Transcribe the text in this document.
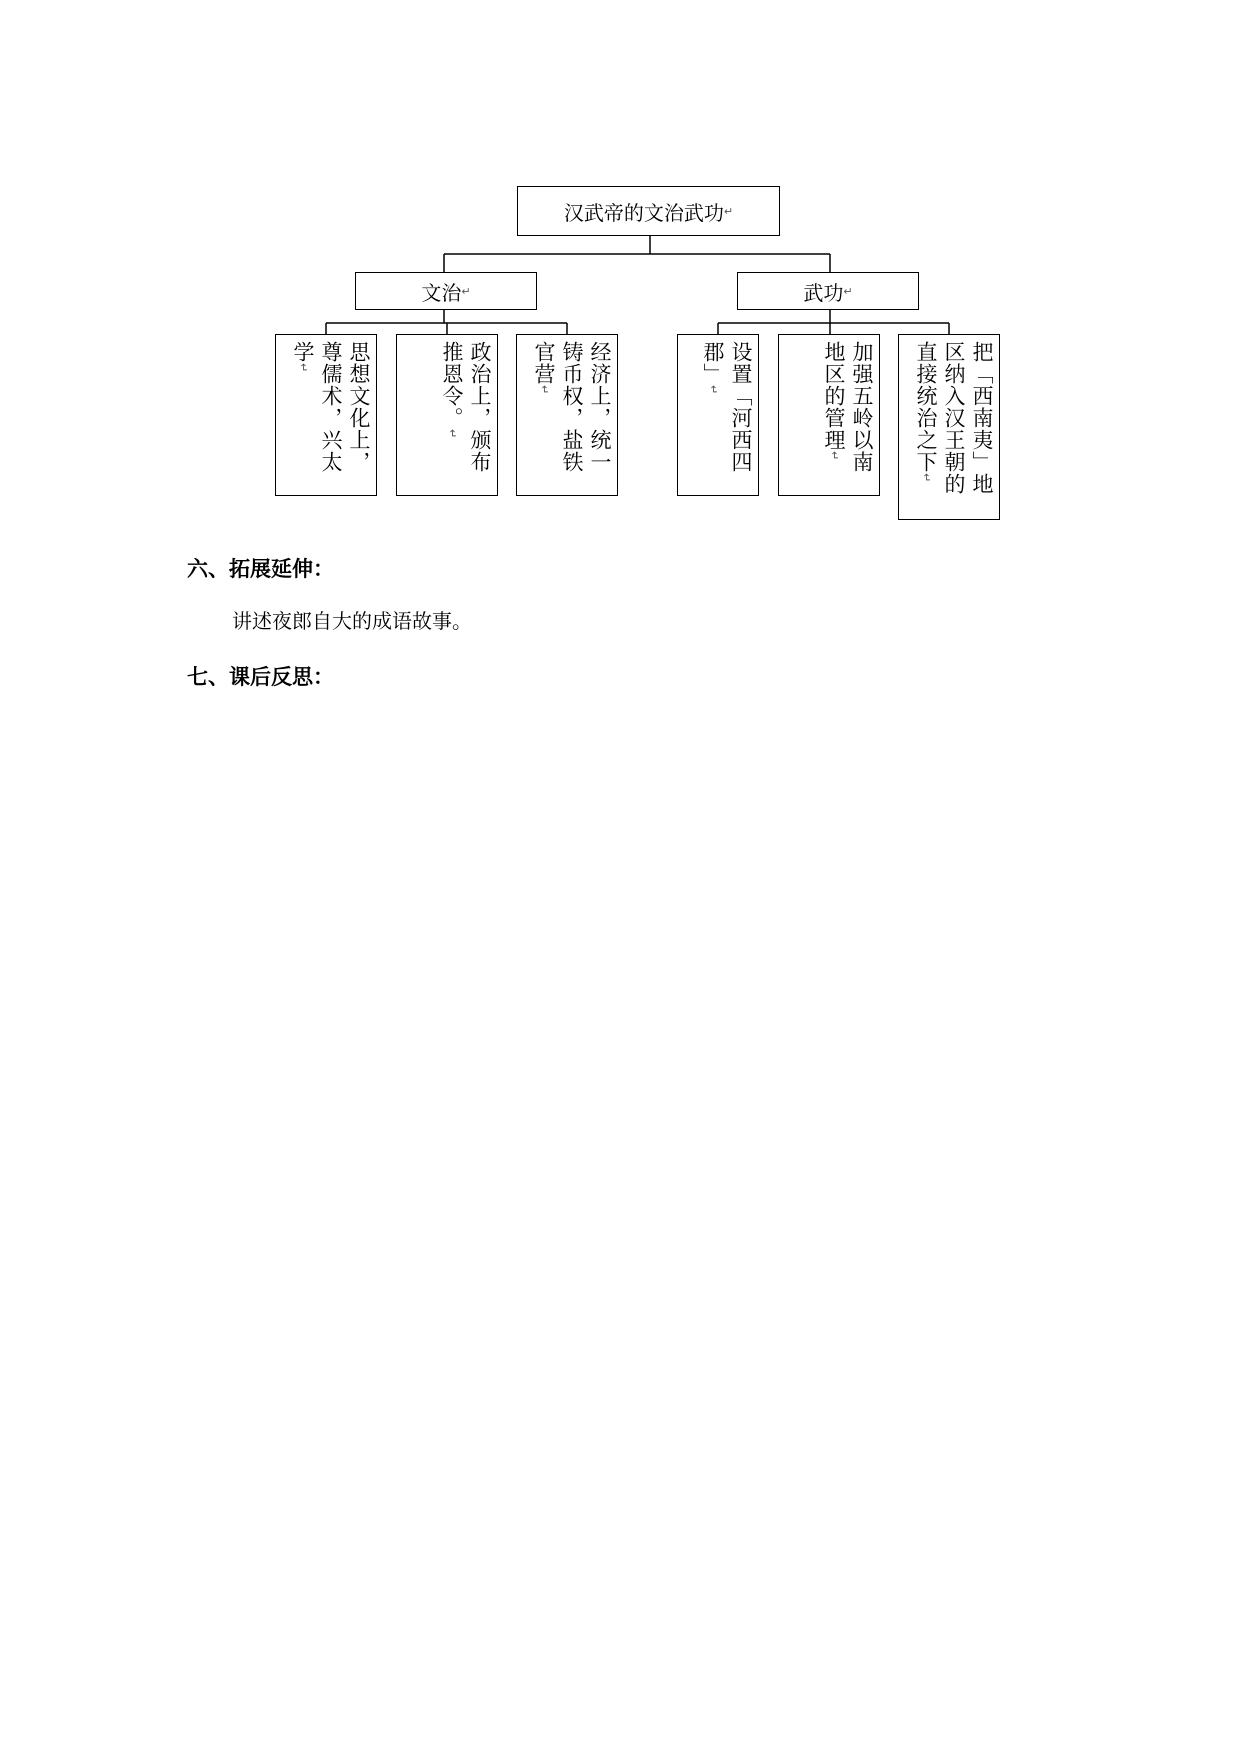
汉武帝的文治武功 ↵
文治 ↵	武功 ↵
思想文化上，尊儒术，兴太学↵	政治上，颁布推恩令。↵	经济上，统一铸币权，盐铁官营↵	设置「河西四郡」↵	加强五岭以南地区的管理↵	把「西南夷」地区纳入汉王朝的直接统治之下↵
六、拓展延伸：
讲述夜郎自大的成语故事。
七、课后反思：
